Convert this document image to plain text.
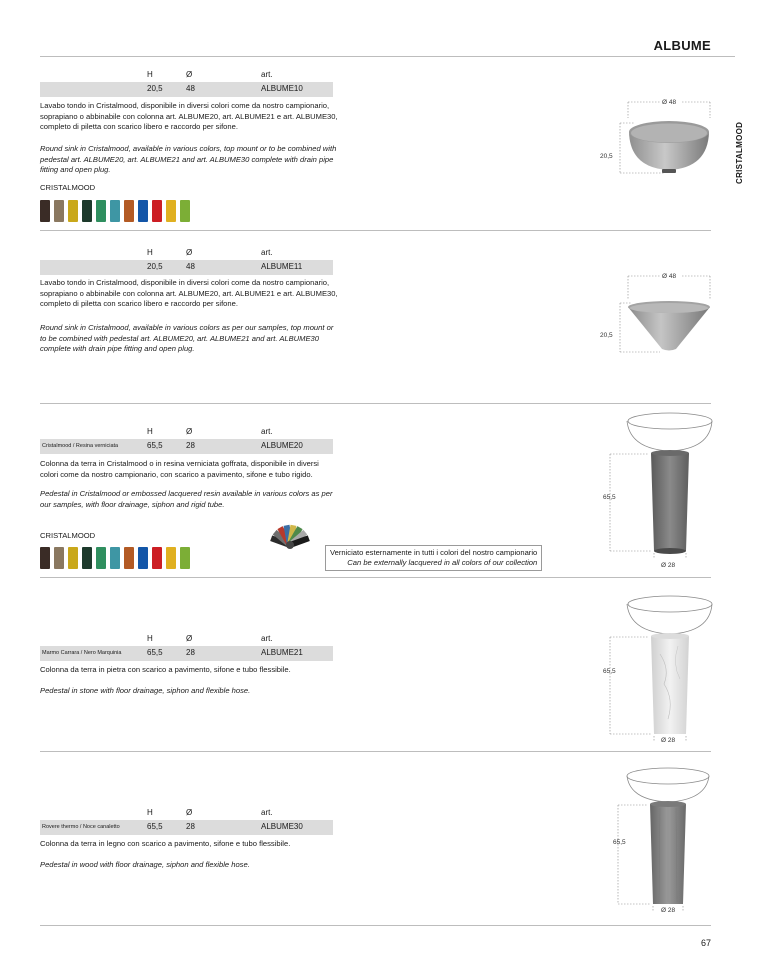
ALBUME
CRISTALMOOD
H	Ø	art.
20,5	48	ALBUME10
Lavabo tondo in Cristalmood, disponibile in diversi colori come da nostro campionario, soprapiano o abbinabile con colonna art. ALBUME20, art. ALBUME21 e art. ALBUME30, completo di piletta con scarico libero e raccordo per sifone.
Round sink in Cristalmood, available in various colors, top mount or to be combined with pedestal art. ALBUME20, art. ALBUME21 and art. ALBUME30 complete with drain pipe fitting and open plug.
CRISTALMOOD
Ø 48
20,5
H	Ø	art.
20,5	48	ALBUME11
Lavabo tondo in Cristalmood, disponibile in diversi colori come da nostro campionario, soprapiano o abbinabile con colonna art. ALBUME20, art. ALBUME21 e art. ALBUME30, completo di piletta con scarico libero e raccordo per sifone.
Round sink in Cristalmood, available in various colors as per our samples, top mount or to be combined with pedestal art. ALBUME20, art. ALBUME21 and art. ALBUME30 complete with drain pipe fitting and open plug.
Ø 48
20,5
H	Ø	art.
Cristalmood / Resina verniciata	65,5	28	ALBUME20
Colonna da terra in Cristalmood o in resina verniciata goffrata, disponibile in diversi colori come da nostro campionario, con scarico a pavimento, sifone e tubo rigido.
Pedestal in Cristalmood or embossed lacquered resin available in various colors as per our samples, with floor drainage, siphon and rigid tube.
CRISTALMOOD
Verniciato esternamente in tutti i colori del nostro campionario
Can be externally lacquered in all colors of our collection
65,5
Ø 28
H	Ø	art.
Marmo Carrara / Nero Marquinia	65,5	28	ALBUME21
Colonna da terra in pietra con scarico a pavimento, sifone e tubo flessibile.
Pedestal in stone with floor drainage, siphon and flexible hose.
65,5
Ø 28
H	Ø	art.
Rovere thermo / Noce canaletto	65,5	28	ALBUME30
Colonna da terra in legno con scarico a pavimento, sifone e tubo flessibile.
Pedestal in wood with floor drainage, siphon and flexible hose.
65,5
Ø 28
67
